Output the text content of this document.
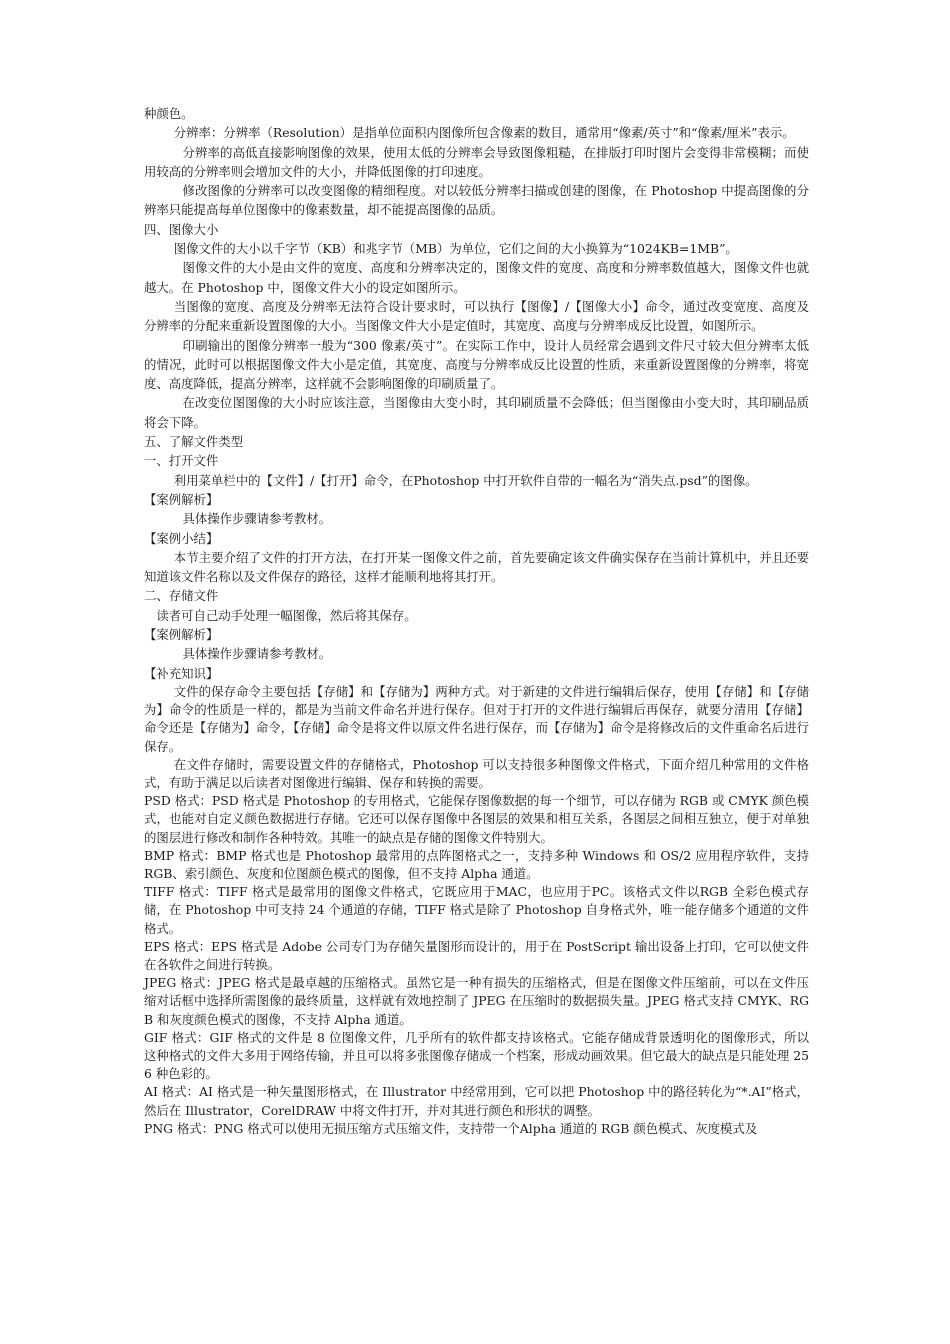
种颜色。

分辨率：分辨率（Resolution）是指单位面积内图像所包含像素的数目，通常用“像素/英寸”和“像素/厘米”表示。

分辨率的高低直接影响图像的效果，使用太低的分辨率会导致图像粗糙，在排版打印时图片会变得非常模糊；而使用较高的分辨率则会增加文件的大小，并降低图像的打印速度。

修改图像的分辨率可以改变图像的精细程度。对以较低分辨率扫描或创建的图像，在 Photoshop 中提高图像的分辨率只能提高每单位图像中的像素数量，却不能提高图像的品质。

四、图像大小

图像文件的大小以千字节（KB）和兆字节（MB）为单位，它们之间的大小换算为“1024KB=1MB”。

图像文件的大小是由文件的宽度、高度和分辨率决定的，图像文件的宽度、高度和分辨率数值越大，图像文件也就越大。在 Photoshop 中，图像文件大小的设定如图所示。

当图像的宽度、高度及分辨率无法符合设计要求时，可以执行【图像】/【图像大小】命令，通过改变宽度、高度及分辨率的分配来重新设置图像的大小。当图像文件大小是定值时，其宽度、高度与分辨率成反比设置，如图所示。

印刷输出的图像分辨率一般为“300 像素/英寸”。在实际工作中，设计人员经常会遇到文件尺寸较大但分辨率太低的情况，此时可以根据图像文件大小是定值，其宽度、高度与分辨率成反比设置的性质，来重新设置图像的分辨率，将宽度、高度降低，提高分辨率，这样就不会影响图像的印刷质量了。

在改变位图图像的大小时应该注意，当图像由大变小时，其印刷质量不会降低；但当图像由小变大时，其印刷品质将会下降。

五、了解文件类型

一、打开文件

利用菜单栏中的【文件】/【打开】命令，在Photoshop 中打开软件自带的一幅名为“消失点.psd”的图像。

【案例解析】

具体操作步骤请参考教材。

【案例小结】

本节主要介绍了文件的打开方法，在打开某一图像文件之前，首先要确定该文件确实保存在当前计算机中，并且还要知道该文件名称以及文件保存的路径，这样才能顺利地将其打开。

二、存储文件

读者可自己动手处理一幅图像，然后将其保存。

【案例解析】

具体操作步骤请参考教材。

【补充知识】

文件的保存命令主要包括【存储】和【存储为】两种方式。对于新建的文件进行编辑后保存，使用【存储】和【存储为】命令的性质是一样的，都是为当前文件命名并进行保存。但对于打开的文件进行编辑后再保存，就要分清用【存储】命令还是【存储为】命令，【存储】命令是将文件以原文件名进行保存，而【存储为】命令是将修改后的文件重命名后进行保存。

在文件存储时，需要设置文件的存储格式，Photoshop 可以支持很多种图像文件格式，下面介绍几种常用的文件格式，有助于满足以后读者对图像进行编辑、保存和转换的需要。

PSD 格式：PSD 格式是 Photoshop 的专用格式，它能保存图像数据的每一个细节，可以存储为 RGB 或 CMYK 颜色模式，也能对自定义颜色数据进行存储。它还可以保存图像中各图层的效果和相互关系，各图层之间相互独立，便于对单独的图层进行修改和制作各种特效。其唯一的缺点是存储的图像文件特别大。

BMP 格式：BMP 格式也是 Photoshop 最常用的点阵图格式之一，支持多种 Windows 和 OS/2 应用程序软件，支持 RGB、索引颜色、灰度和位图颜色模式的图像，但不支持 Alpha 通道。

TIFF 格式：TIFF 格式是最常用的图像文件格式，它既应用于MAC，也应用于PC。该格式文件以RGB 全彩色模式存储，在 Photoshop 中可支持 24 个通道的存储，TIFF 格式是除了 Photoshop 自身格式外，唯一能存储多个通道的文件格式。

EPS 格式：EPS 格式是 Adobe 公司专门为存储矢量图形而设计的，用于在 PostScript 输出设备上打印，它可以使文件在各软件之间进行转换。

JPEG 格式：JPEG 格式是最卓越的压缩格式。虽然它是一种有损失的压缩格式，但是在图像文件压缩前，可以在文件压缩对话框中选择所需图像的最终质量，这样就有效地控制了 JPEG 在压缩时的数据损失量。JPEG 格式支持 CMYK、RGB 和灰度颜色模式的图像，不支持 Alpha 通道。

GIF 格式：GIF 格式的文件是 8 位图像文件，几乎所有的软件都支持该格式。它能存储成背景透明化的图像形式，所以这种格式的文件大多用于网络传输，并且可以将多张图像存储成一个档案，形成动画效果。但它最大的缺点是只能处理 256 种色彩的。

AI 格式：AI 格式是一种矢量图形格式，在 Illustrator 中经常用到，它可以把 Photoshop 中的路径转化为“*.AI”格式，然后在 Illustrator，CorelDRAW 中将文件打开，并对其进行颜色和形状的调整。

PNG 格式：PNG 格式可以使用无损压缩方式压缩文件，支持带一个Alpha 通道的 RGB 颜色模式、灰度模式及
